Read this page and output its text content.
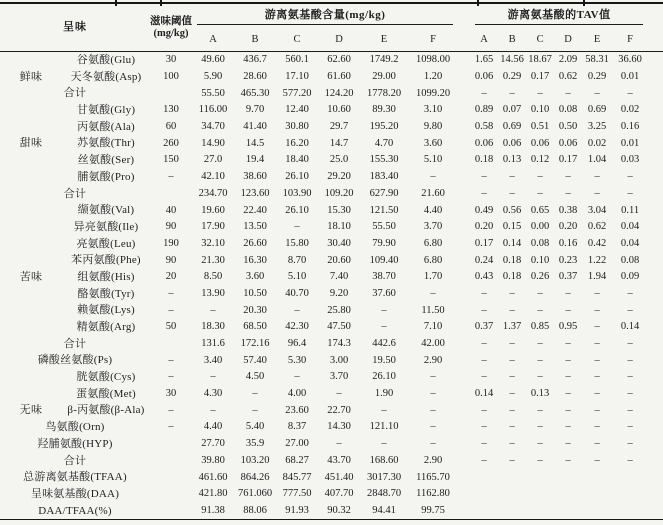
呈味		滋味阈值
(mg/kg)	游离氨基酸含量(mg/kg)							游离氨基酸的TAV值						

			A	B	C	D	E	F		A	B	C	D	E	F	
	谷氨酸(Glu)	30	49.60	436.7	560.1	62.60	1749.2	1098.00		1.65	14.56	18.67	2.09	58.31	36.60	
鲜味	天冬氨酸(Asp)	100	5.90	28.60	17.10	61.60	29.00	1.20		0.06	0.29	0.17	0.62	0.29	0.01	
合计			55.50	465.30	577.20	124.20	1778.20	1099.20		–	–	–	–	–	–	
	甘氨酸(Gly)	130	116.00	9.70	12.40	10.60	89.30	3.10		0.89	0.07	0.10	0.08	0.69	0.02	
	丙氨酸(Ala)	60	34.70	41.40	30.80	29.7	195.20	9.80		0.58	0.69	0.51	0.50	3.25	0.16	
甜味	苏氨酸(Thr)	260	14.90	14.5	16.20	14.7	4.70	3.60		0.06	0.06	0.06	0.06	0.02	0.01	
	丝氨酸(Ser)	150	27.0	19.4	18.40	25.0	155.30	5.10		0.18	0.13	0.12	0.17	1.04	0.03	
	脯氨酸(Pro)	–	42.10	38.60	26.10	29.20	183.40	–		–	–	–	–	–	–	
合计			234.70	123.60	103.90	109.20	627.90	21.60		–	–	–	–	–	–	
	缬氨酸(Val)	40	19.60	22.40	26.10	15.30	121.50	4.40		0.49	0.56	0.65	0.38	3.04	0.11	
	异亮氨酸(Ile)	90	17.90	13.50	–	18.10	55.50	3.70		0.20	0.15	0.00	0.20	0.62	0.04	
	亮氨酸(Leu)	190	32.10	26.60	15.80	30.40	79.90	6.80		0.17	0.14	0.08	0.16	0.42	0.04	
	苯丙氨酸(Phe)	90	21.30	16.30	8.70	20.60	109.40	6.80		0.24	0.18	0.10	0.23	1.22	0.08	
苦味	组氨酸(His)	20	8.50	3.60	5.10	7.40	38.70	1.70		0.43	0.18	0.26	0.37	1.94	0.09	
	酪氨酸(Tyr)	–	13.90	10.50	40.70	9.20	37.60	–		–	–	–	–	–	–	
	赖氨酸(Lys)	–	–	20.30	–	25.80	–	11.50		–	–	–	–	–	–	
	精氨酸(Arg)	50	18.30	68.50	42.30	47.50	–	7.10		0.37	1.37	0.85	0.95	–	0.14	
合计			131.6	172.16	96.4	174.3	442.6	42.00		–	–	–	–	–	–	
磷酸丝氨酸(Ps)		–	3.40	57.40	5.30	3.00	19.50	2.90		–	–	–	–	–	–	
	胱氨酸(Cys)	–	–	4.50	–	3.70	26.10	–		–	–	–	–	–	–	
	蛋氨酸(Met)	30	4.30	–	4.00	–	1.90	–		0.14	–	0.13	–	–	–	
无味	β-丙氨酸(β-Ala)	–	–	–	23.60	22.70	–	–		–	–	–	–	–	–	
鸟氨酸(Orn)		–	4.40	5.40	8.37	14.30	121.10	–		–	–	–	–	–	–	
羟脯氨酸(HYP)			27.70	35.9	27.00	–	–	–		–	–	–	–	–	–	
合计			39.80	103.20	68.27	43.70	168.60	2.90		–	–	–	–	–	–	
总游离氨基酸(TFAA)			461.60	864.26	845.77	451.40	3017.30	1165.70								
呈味氨基酸(DAA)			421.80	761.060	777.50	407.70	2848.70	1162.80								
DAA/TFAA(%)			91.38	88.06	91.93	90.32	94.41	99.75								
